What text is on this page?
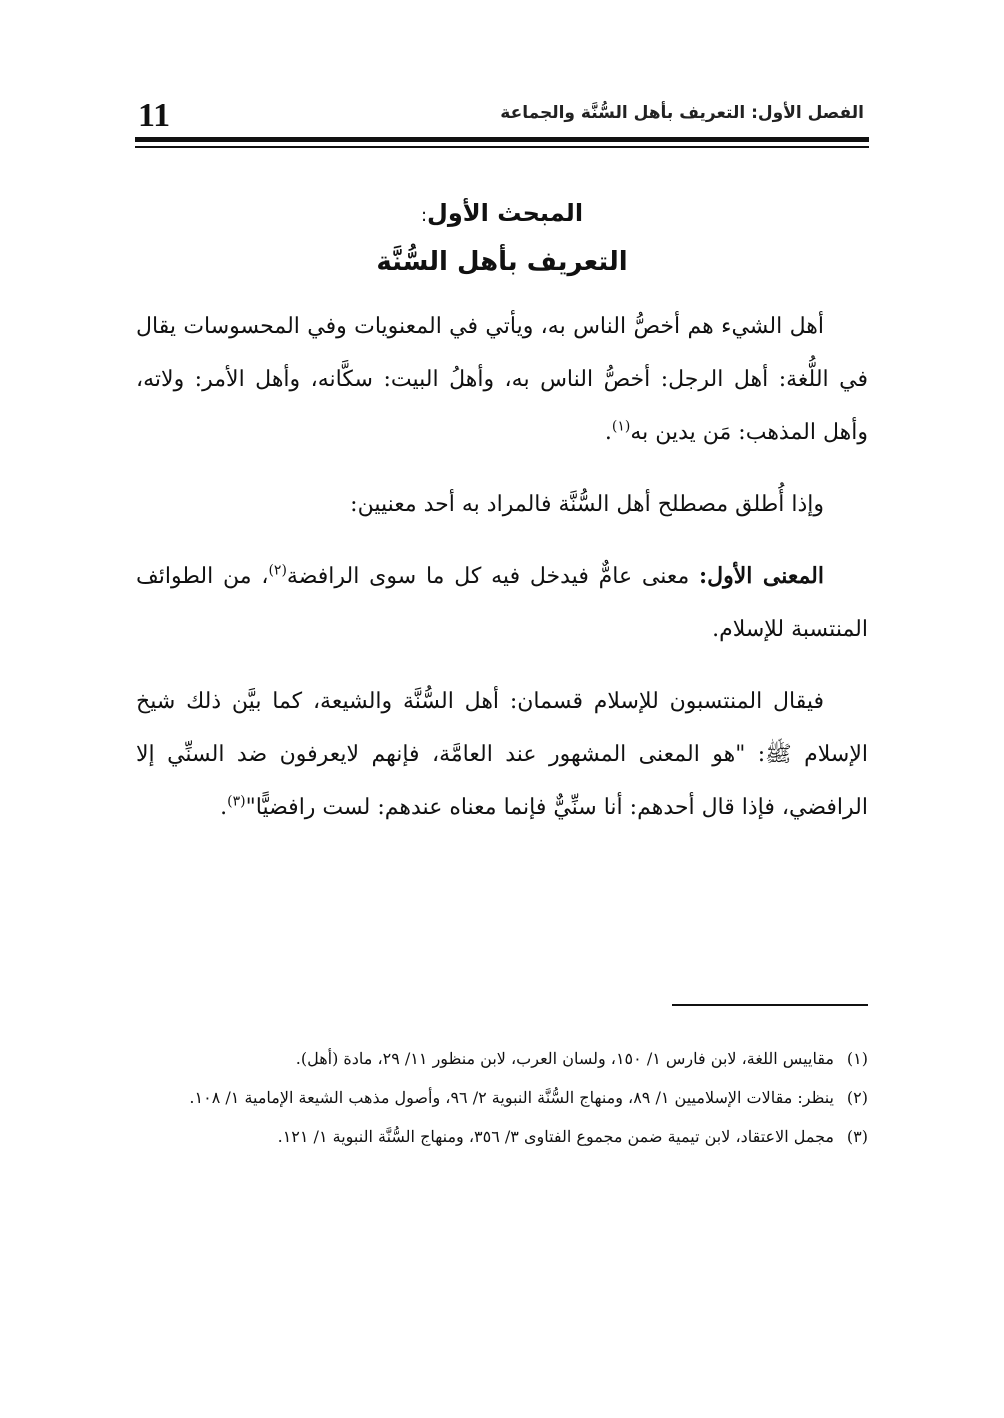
11	الفصل الأول: التعريف بأهل السُّنَّة والجماعة
المبحث الأول:
التعريف بأهل السُّنَّة

أهل الشيء هم أخصُّ الناس به، ويأتي في المعنويات وفي المحسوسات يقال في اللُّغة: أهل الرجل: أخصُّ الناس به، وأهلُ البيت: سكَّانه، وأهل الأمر: ولاته، وأهل المذهب: مَن يدين به$^{(١)}$.

وإذا أُطلق مصطلح أهل السُّنَّة فالمراد به أحد معنيين:

المعنى الأول: معنى عامٌّ فيدخل فيه كل ما سوى الرافضة$^{(٢)}$، من الطوائف المنتسبة للإسلام.

فيقال المنتسبون للإسلام قسمان: أهل السُّنَّة والشيعة، كما بيَّن ذلك شيخ الإسلام ﷺ: "هو المعنى المشهور عند العامَّة، فإنهم لايعرفون ضد السنِّي إلا الرافضي، فإذا قال أحدهم: أنا سنِّيٌّ فإنما معناه عندهم: لست رافضيًّا"$^{(٣)}$.

(١)
مقاييس اللغة، لابن فارس ١/ ١٥٠، ولسان العرب، لابن منظور ١١/ ٢٩، مادة (أهل).

(٢)
ينظر: مقالات الإسلاميين ١/ ٨٩، ومنهاج السُّنَّة النبوية ٢/ ٩٦، وأصول مذهب الشيعة الإمامية ١/ ١٠٨.

(٣)
مجمل الاعتقاد، لابن تيمية ضمن مجموع الفتاوى ٣/ ٣٥٦، ومنهاج السُّنَّة النبوية ١/ ١٢١.
